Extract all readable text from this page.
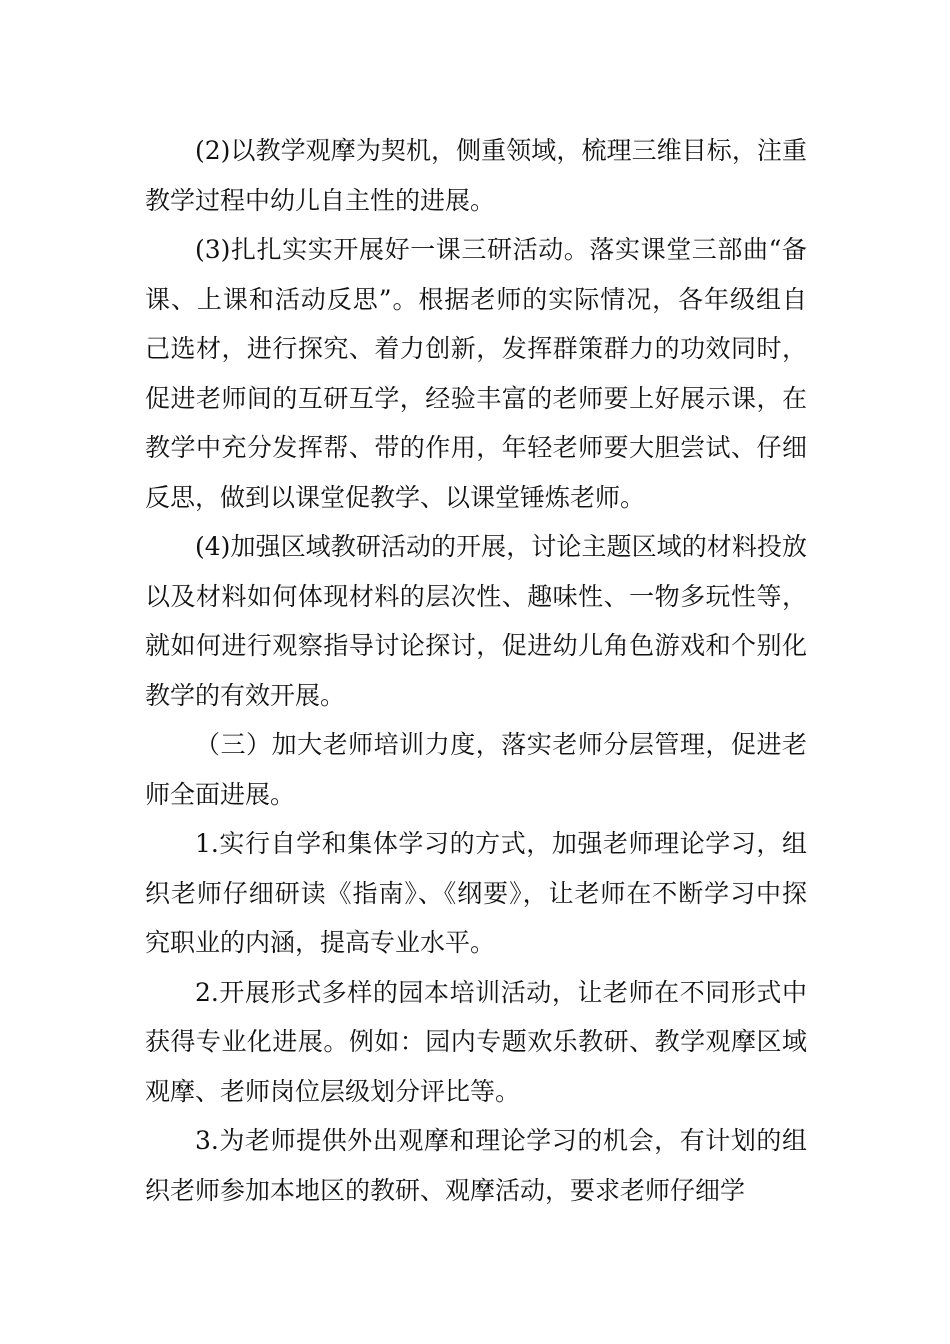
(2)以教学观摩为契机，侧重领域，梳理三维目标，注重教学过程中幼儿自主性的进展。

(3)扎扎实实开展好一课三研活动。落实课堂三部曲“备课、上课和活动反思”。根据老师的实际情况，各年级组自己选材，进行探究、着力创新，发挥群策群力的功效同时，促进老师间的互研互学，经验丰富的老师要上好展示课，在教学中充分发挥帮、带的作用，年轻老师要大胆尝试、仔细反思，做到以课堂促教学、以课堂锤炼老师。

(4)加强区域教研活动的开展，讨论主题区域的材料投放以及材料如何体现材料的层次性、趣味性、一物多玩性等，就如何进行观察指导讨论探讨，促进幼儿角色游戏和个别化教学的有效开展。

（三）加大老师培训力度，落实老师分层管理，促进老师全面进展。

1.实行自学和集体学习的方式，加强老师理论学习，组织老师仔细研读《指南》、《纲要》，让老师在不断学习中探究职业的内涵，提高专业水平。

2.开展形式多样的园本培训活动，让老师在不同形式中获得专业化进展。例如：园内专题欢乐教研、教学观摩区域观摩、老师岗位层级划分评比等。

3.为老师提供外出观摩和理论学习的机会，有计划的组织老师参加本地区的教研、观摩活动，要求老师仔细学
